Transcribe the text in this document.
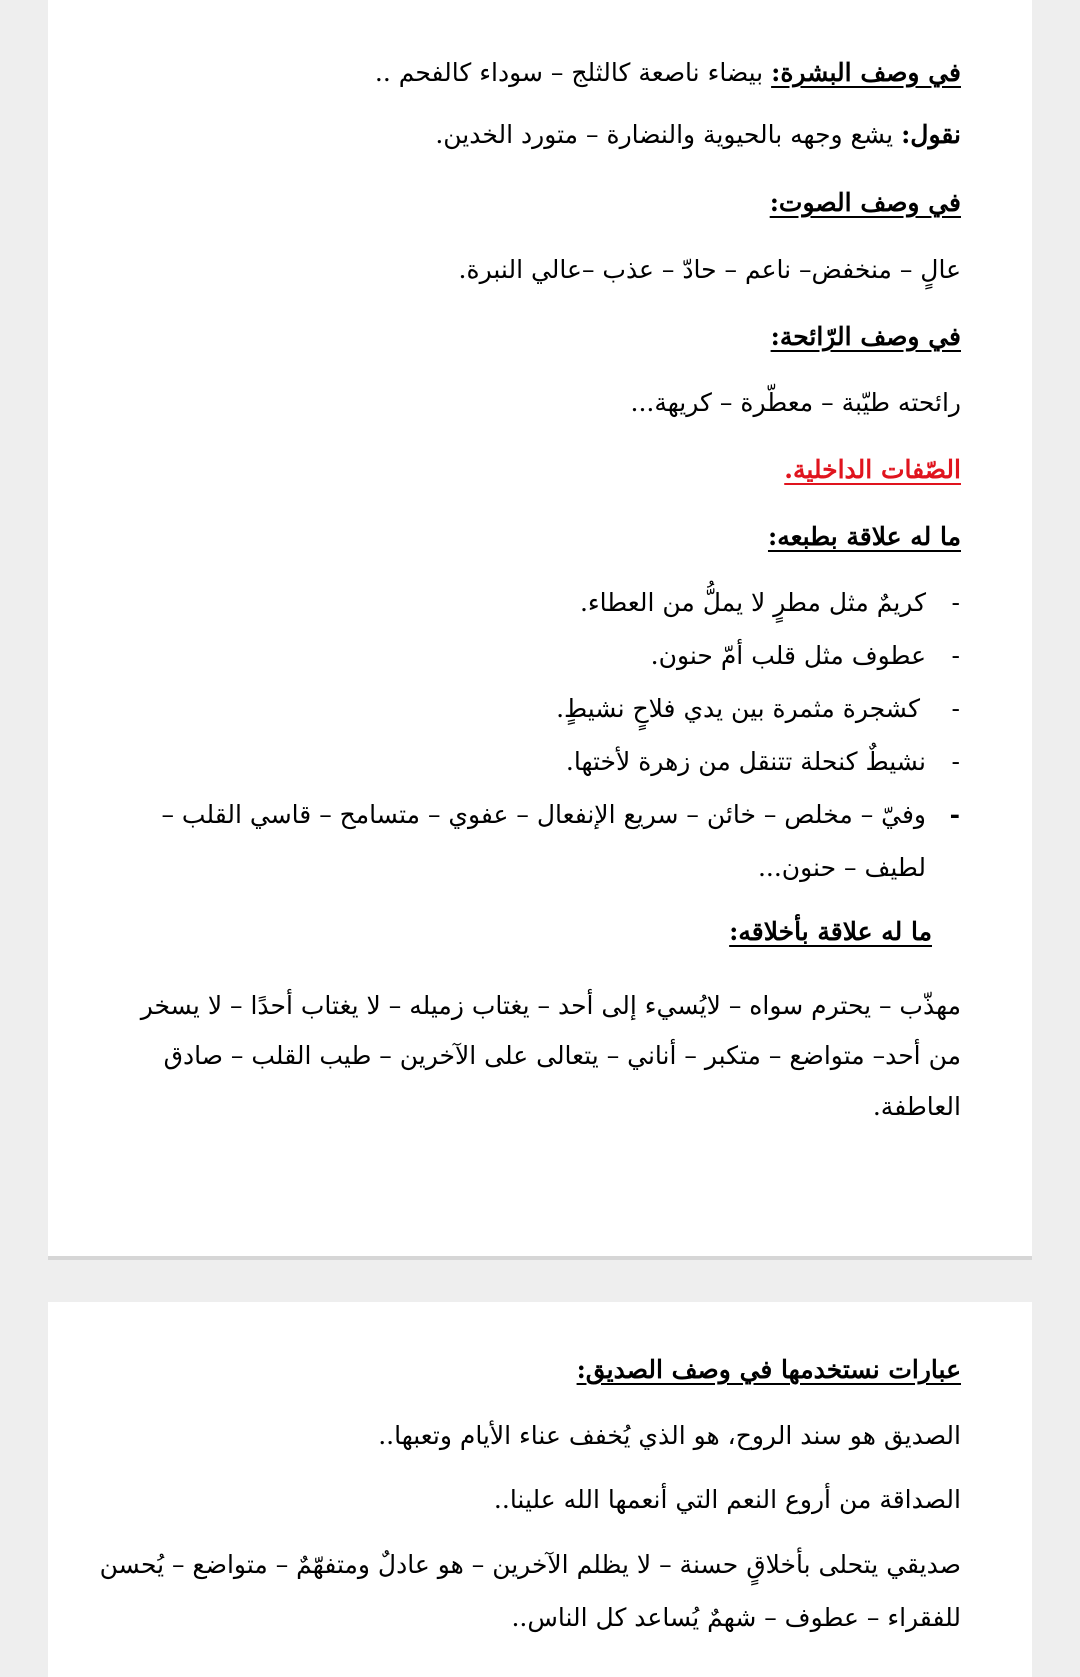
في وصف البشرة: بيضاء ناصعة كالثلج – سوداء كالفحم ..
نقول: يشع وجهه بالحيوية والنضارة – متورد الخدين.
في وصف الصوت:
عالٍ – منخفض– ناعم – حادّ – عذب –عالي النبرة.
في وصف الرّائحة:
رائحته طيّبة – معطّرة – كريهة...
الصّفات الداخلية.
ما له علاقة بطبعه:
-
كريمٌ مثل مطرٍ لا يملُّ من العطاء.
-
عطوف مثل قلب أمّ حنون.
-
كشجرة مثمرة بين يدي فلاحٍ نشيطٍ.
-
نشيطٌ كنحلة تتنقل من زهرة لأختها.
-
وفيّ – مخلص – خائن – سريع الإنفعال – عفوي – متسامح – قاسي القلب –
لطيف – حنون...
ما له علاقة بأخلاقه:
مهذّب – يحترم سواه – لايُسيء إلى أحد – يغتاب زميله – لا يغتاب أحدًا – لا يسخر
من أحد– متواضع – متكبر – أناني – يتعالى على الآخرين – طيب القلب – صادق
العاطفة.
عبارات نستخدمها في وصف الصديق:
الصديق هو سند الروح، هو الذي يُخفف عناء الأيام وتعبها..
الصداقة من أروع النعم التي أنعمها الله علينا..
صديقي يتحلى بأخلاقٍ حسنة – لا يظلم الآخرين – هو عادلٌ ومتفهّمٌ – متواضع – يُحسن
للفقراء – عطوف – شهمٌ يُساعد كل الناس..
